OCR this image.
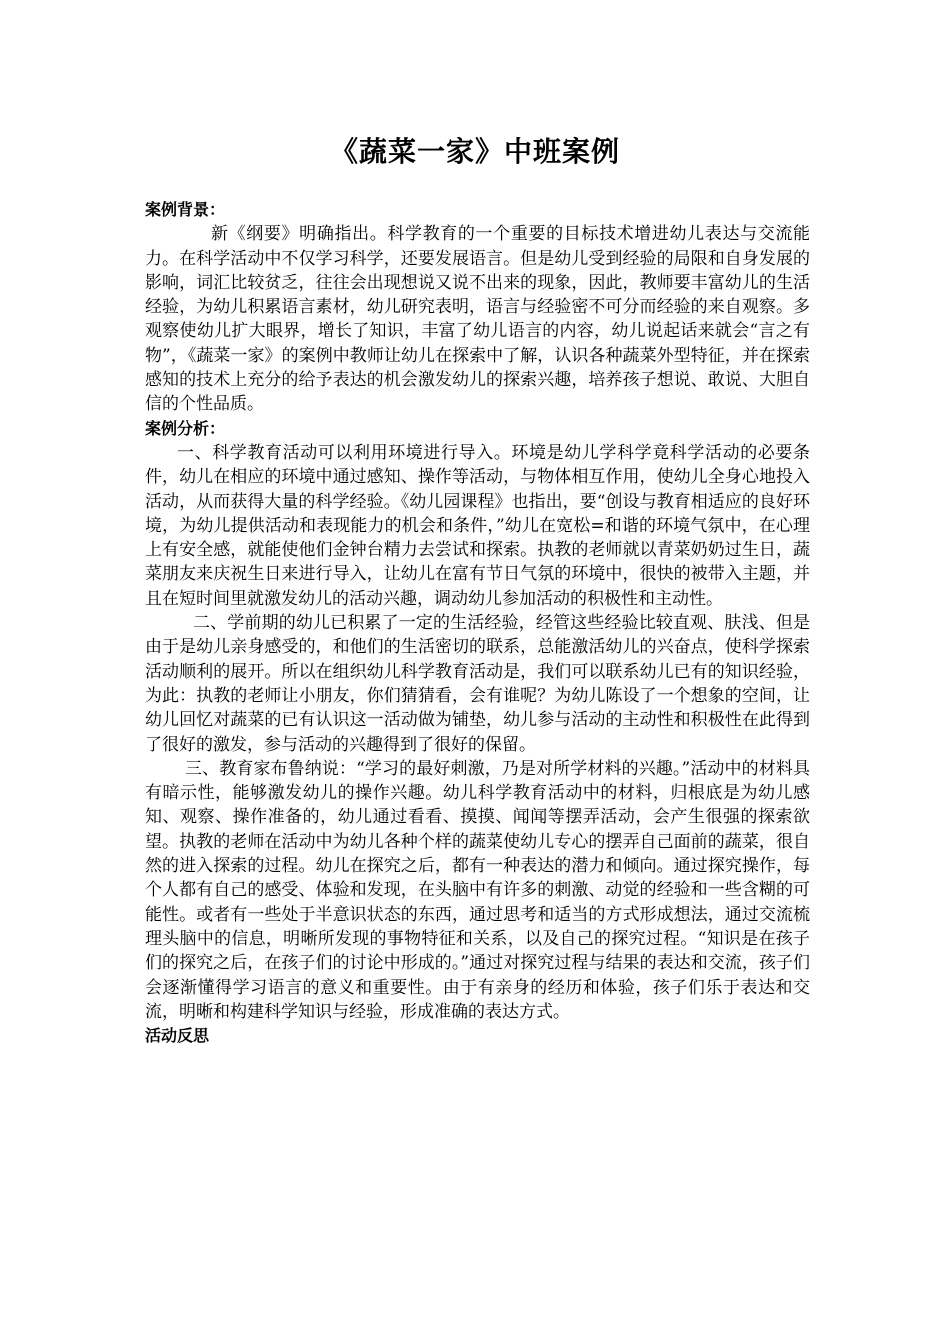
《蔬菜一家》中班案例
案例背景：

新《纲要》明确指出。科学教育的一个重要的目标技术增进幼儿表达与交流能力。在科学活动中不仅学习科学，还要发展语言。但是幼儿受到经验的局限和自身发展的影响，词汇比较贫乏，往往会出现想说又说不出来的现象，因此，教师要丰富幼儿的生活经验，为幼儿积累语言素材，幼儿研究表明，语言与经验密不可分而经验的来自观察。多观察使幼儿扩大眼界，增长了知识，丰富了幼儿语言的内容，幼儿说起话来就会“言之有物”，《蔬菜一家》的案例中教师让幼儿在探索中了解，认识各种蔬菜外型特征，并在探索感知的技术上充分的给予表达的机会激发幼儿的探索兴趣，培养孩子想说、敢说、大胆自信的个性品质。

案例分析：

一、科学教育活动可以利用环境进行导入。环境是幼儿学科学竟科学活动的必要条件，幼儿在相应的环境中通过感知、操作等活动，与物体相互作用，使幼儿全身心地投入活动，从而获得大量的科学经验。《幼儿园课程》也指出，要“创设与教育相适应的良好环境，为幼儿提供活动和表现能力的机会和条件，”幼儿在宽松=和谐的环境气氛中，在心理上有安全感，就能使他们金钟台精力去尝试和探索。执教的老师就以青菜奶奶过生日，蔬菜朋友来庆祝生日来进行导入，让幼儿在富有节日气氛的环境中，很快的被带入主题，并且在短时间里就激发幼儿的活动兴趣，调动幼儿参加活动的积极性和主动性。

二、学前期的幼儿已积累了一定的生活经验，经管这些经验比较直观、肤浅、但是由于是幼儿亲身感受的，和他们的生活密切的联系，总能激活幼儿的兴奋点，使科学探索活动顺利的展开。所以在组织幼儿科学教育活动是，我们可以联系幼儿已有的知识经验，为此：执教的老师让小朋友，你们猜猜看，会有谁呢？为幼儿陈设了一个想象的空间，让幼儿回忆对蔬菜的已有认识这一活动做为铺垫，幼儿参与活动的主动性和积极性在此得到了很好的激发，参与活动的兴趣得到了很好的保留。

三、教育家布鲁纳说：“学习的最好刺激，乃是对所学材料的兴趣。”活动中的材料具有暗示性，能够激发幼儿的操作兴趣。幼儿科学教育活动中的材料，归根底是为幼儿感知、观察、操作准备的，幼儿通过看看、摸摸、闻闻等摆弄活动，会产生很强的探索欲望。执教的老师在活动中为幼儿各种个样的蔬菜使幼儿专心的摆弄自己面前的蔬菜，很自然的进入探索的过程。幼儿在探究之后，都有一种表达的潜力和倾向。通过探究操作，每个人都有自己的感受、体验和发现，在头脑中有许多的刺激、动觉的经验和一些含糊的可能性。或者有一些处于半意识状态的东西，通过思考和适当的方式形成想法，通过交流梳理头脑中的信息，明晰所发现的事物特征和关系，以及自己的探究过程。“知识是在孩子们的探究之后，在孩子们的讨论中形成的。”通过对探究过程与结果的表达和交流，孩子们会逐渐懂得学习语言的意义和重要性。由于有亲身的经历和体验，孩子们乐于表达和交流，明晰和构建科学知识与经验，形成准确的表达方式。

活动反思
